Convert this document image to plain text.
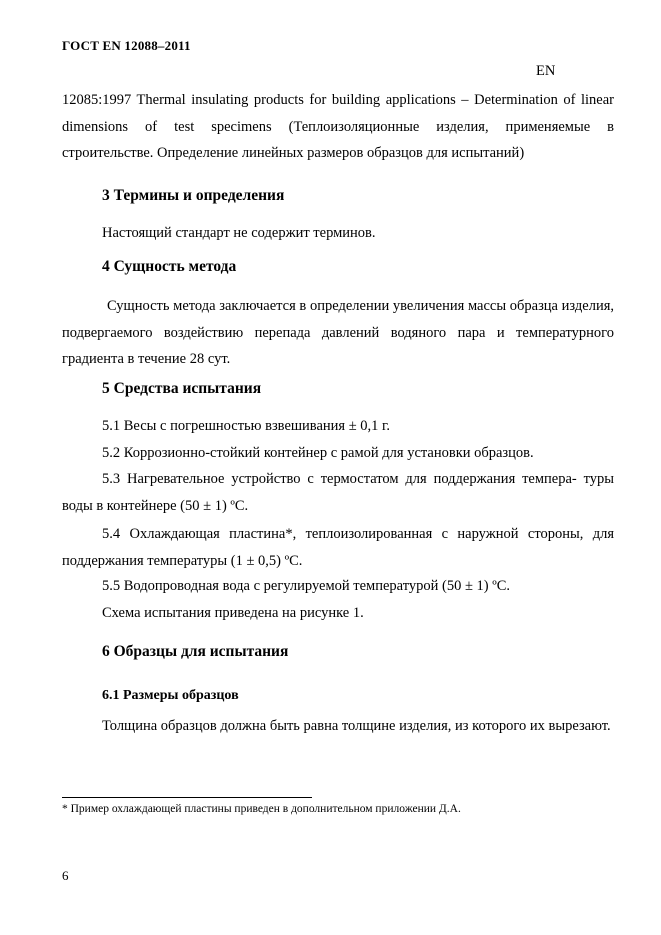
ГОСТ EN 12088–2011
EN
12085:1997 Thermal insulating products for building applications – Determination of linear dimensions of test specimens (Теплоизоляционные изделия, применяемые в строительстве. Определение линейных размеров образцов для испытаний)
3 Термины и определения
Настоящий стандарт не содержит терминов.
4 Сущность метода
Сущность метода заключается в определении увеличения массы образца изделия, подвергаемого воздействию перепада давлений водяного пара и температурного градиента в течение 28 сут.
5 Средства испытания
5.1 Весы с погрешностью взвешивания ± 0,1 г.
5.2 Коррозионно-стойкий контейнер с рамой для установки образцов.
5.3 Нагревательное устройство с термостатом для поддержания темпера- туры воды в контейнере (50 ± 1) ºС.
5.4 Охлаждающая пластина*, теплоизолированная с наружной стороны, для поддержания температуры (1 ± 0,5) ºС.
5.5 Водопроводная вода с регулируемой температурой (50 ± 1) ºС.
Схема испытания приведена на рисунке 1.
6 Образцы для испытания
6.1 Размеры образцов
Толщина образцов должна быть равна толщине изделия, из которого их вырезают.
* Пример охлаждающей пластины приведен в дополнительном приложении Д.А.
6
